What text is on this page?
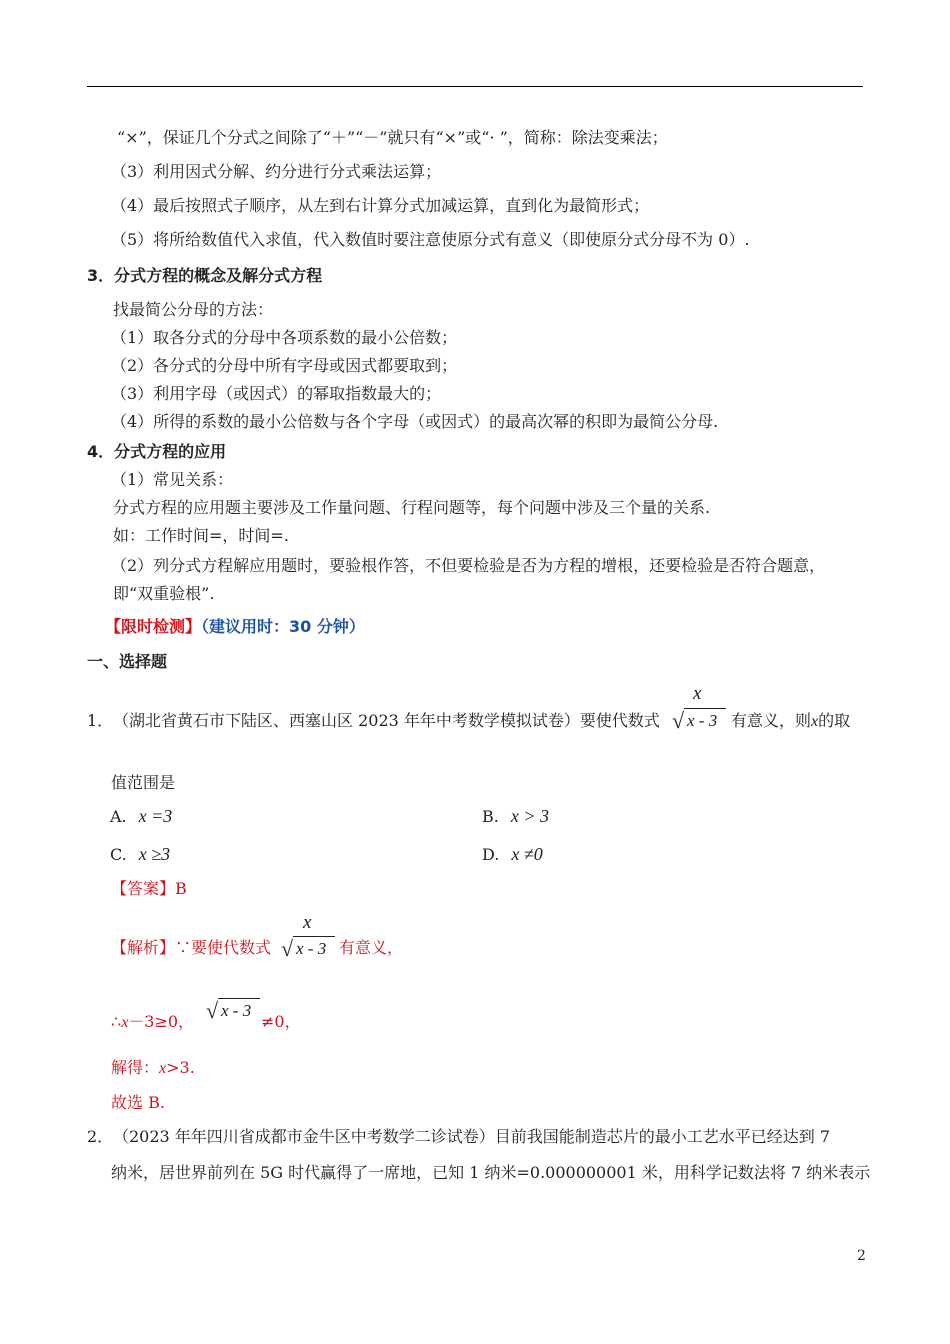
“×”，保证几个分式之间除了“＋”“－”就只有“×”或“· ”，简称：除法变乘法；
（3）利用因式分解、约分进行分式乘法运算；
（4）最后按照式子顺序，从左到右计算分式加减运算，直到化为最简形式；
（5）将所给数值代入求值，代入数值时要注意使原分式有意义（即使原分式分母不为 0）.
3．分式方程的概念及解分式方程
找最简公分母的方法：
（1）取各分式的分母中各项系数的最小公倍数；
（2）各分式的分母中所有字母或因式都要取到；
（3）利用字母（或因式）的幂取指数最大的；
（4）所得的系数的最小公倍数与各个字母（或因式）的最高次幂的积即为最简公分母.
4．分式方程的应用
（1）常见关系：
分式方程的应用题主要涉及工作量问题、行程问题等，每个问题中涉及三个量的关系.
如：工作时间=，时间=.
（2）列分式方程解应用题时，要验根作答，不但要检验是否为方程的增根，还要检验是否符合题意，
即“双重验根”.
【限时检测】（建议用时：30 分钟）
一、选择题
1． （湖北省黄石市下陆区、西塞山区 2023 年年中考数学模拟试卷）要使代数式
x
√ x - 3 有意义，则x的取
值范围是
A. x =3	B. x > 3
C. x ≥3	D. x ≠0
【答案】B
【解析】∵要使代数式
x
√ x - 3 有意义，
∴x－3≥0， √ x - 3
≠0，
解得：x>3.
故选 B.
2． （2023 年年四川省成都市金牛区中考数学二诊试卷）目前我国能制造芯片的最小工艺水平已经达到 7
纳米，居世界前列在 5G 时代赢得了一席地，已知 1 纳米=0.000000001 米，用科学记数法将 7 纳米表示
2
